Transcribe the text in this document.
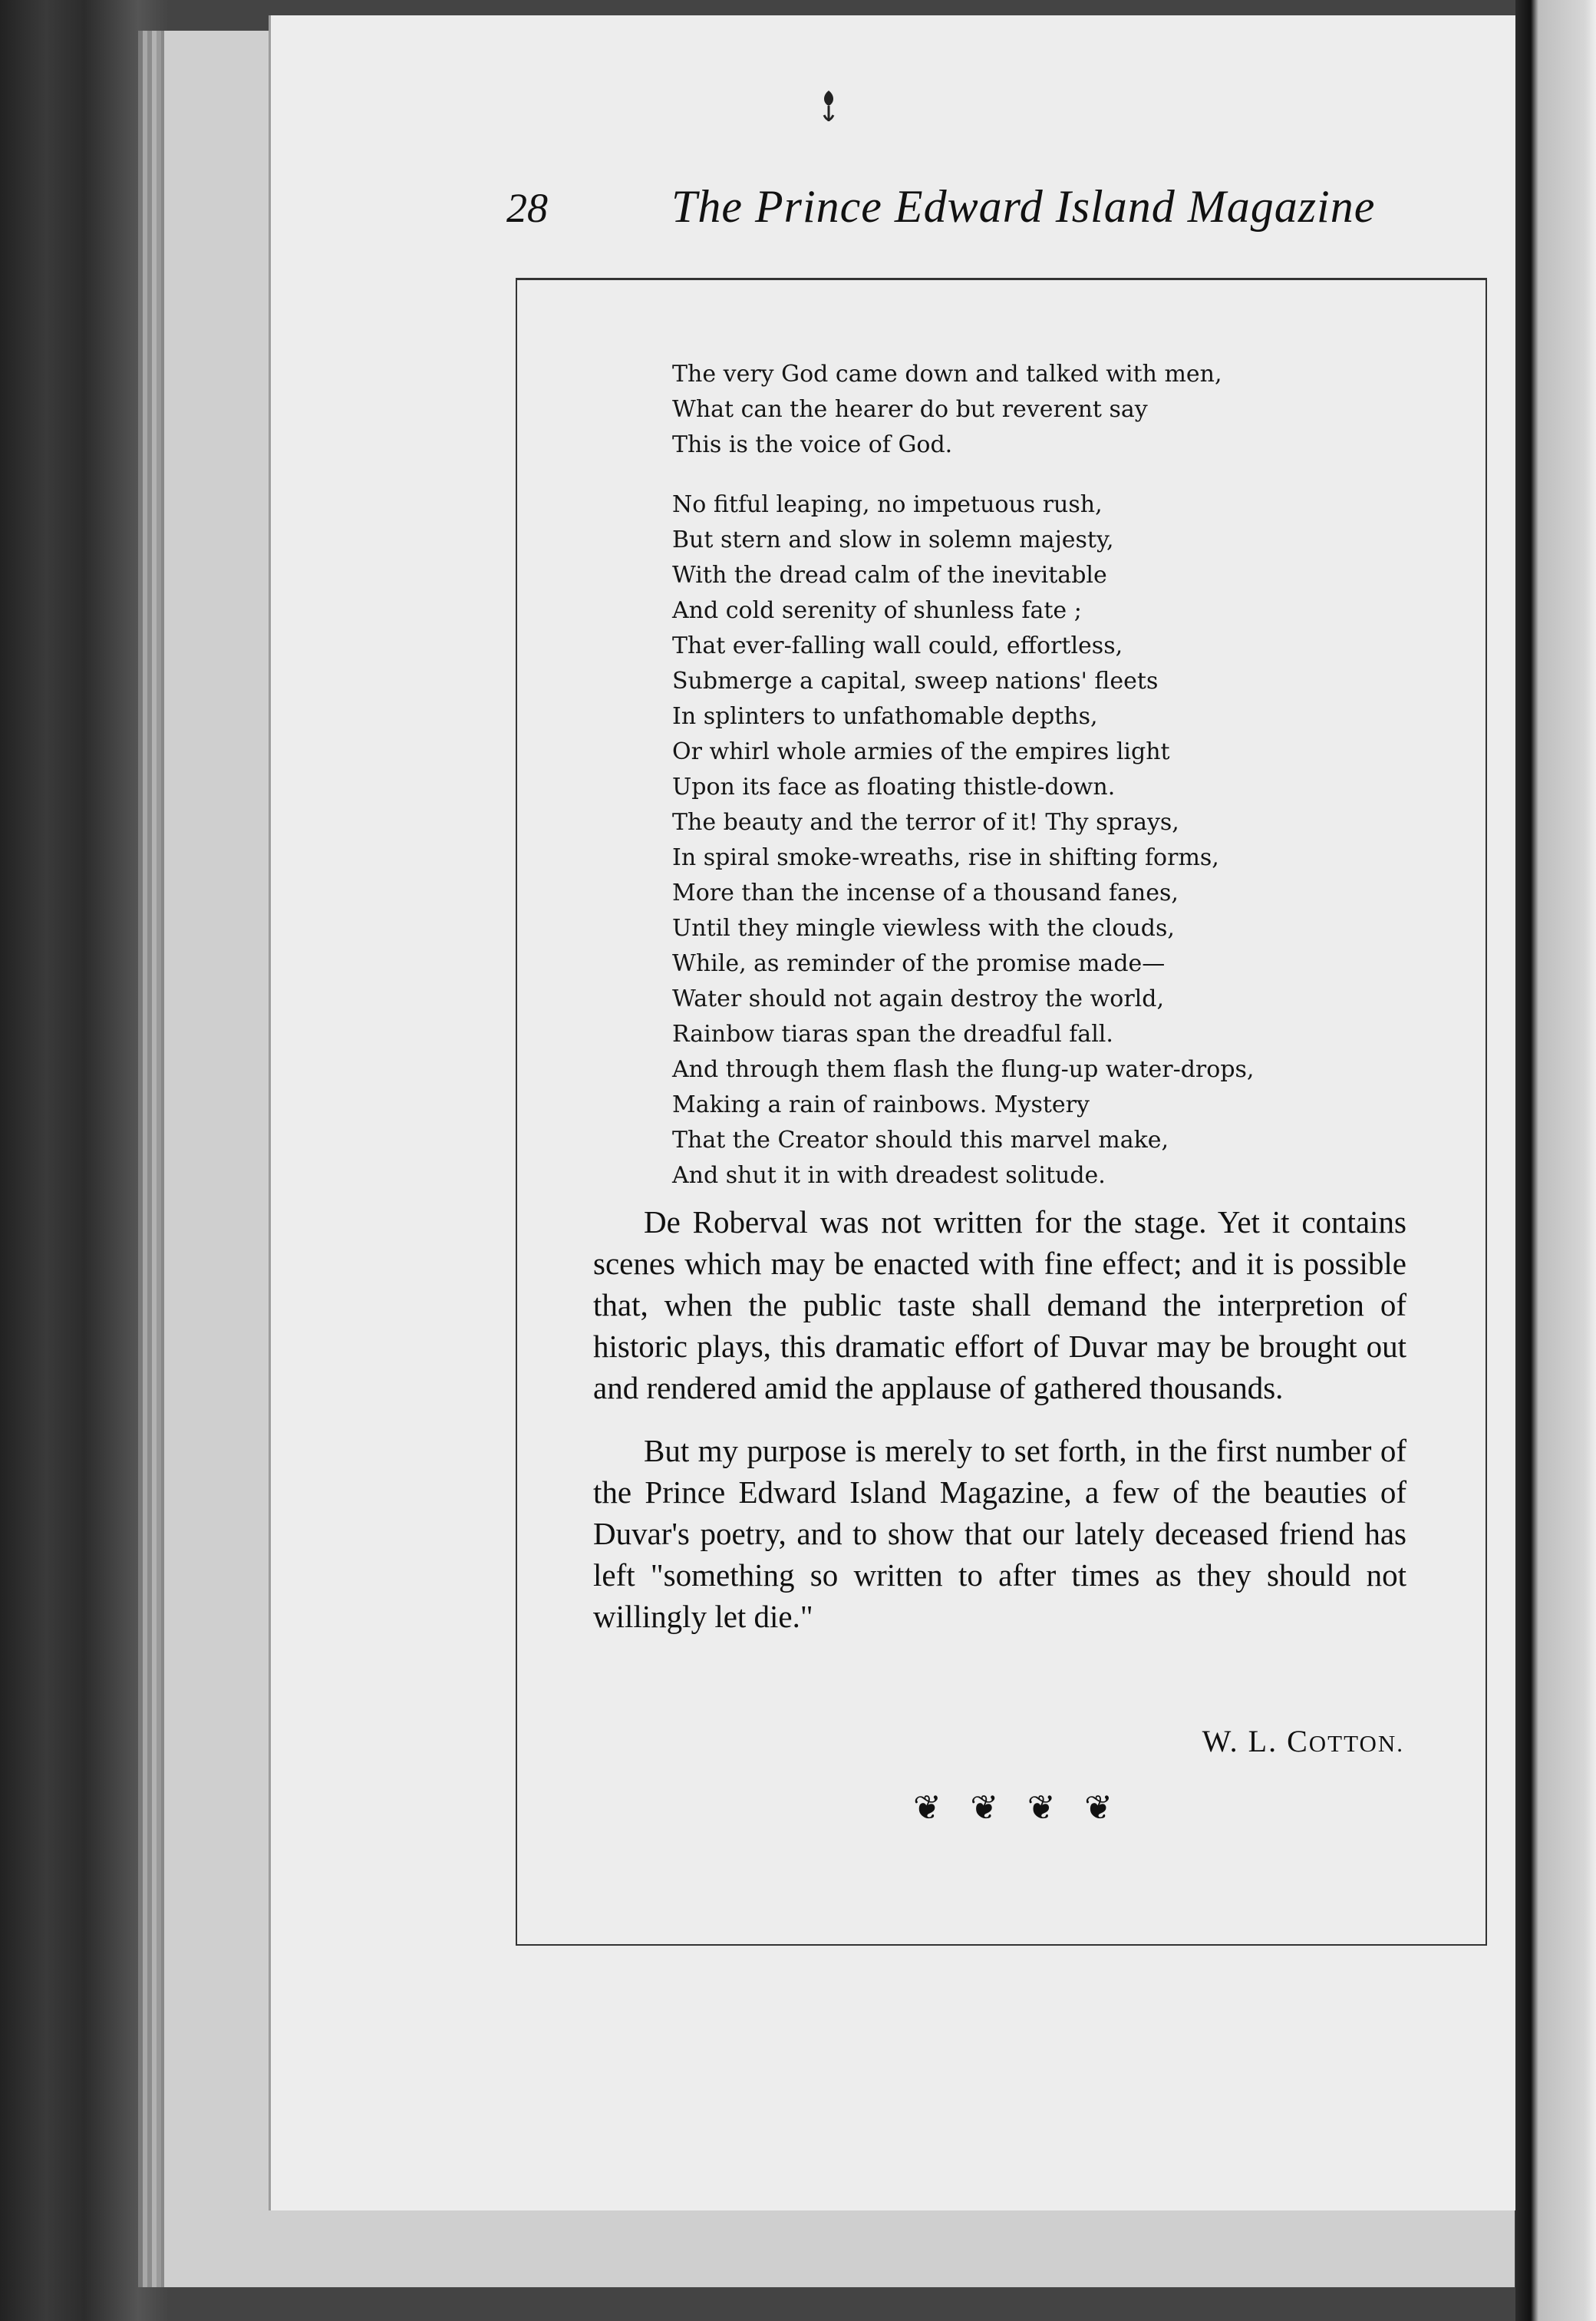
28	The Prince Edward Island Magazine
The very God came down and talked with men,
What can the hearer do but reverent say
This is the voice of God.
No fitful leaping, no impetuous rush,
But stern and slow in solemn majesty,
With the dread calm of the inevitable
And cold serenity of shunless fate ;
That ever-falling wall could, effortless,
Submerge a capital, sweep nations' fleets
In splinters to unfathomable depths,
Or whirl whole armies of the empires light
Upon its face as floating thistle-down.
The beauty and the terror of it! Thy sprays,
In spiral smoke-wreaths, rise in shifting forms,
More than the incense of a thousand fanes,
Until they mingle viewless with the clouds,
While, as reminder of the promise made—
Water should not again destroy the world,
Rainbow tiaras span the dreadful fall.
And through them flash the flung-up water-drops,
Making a rain of rainbows. Mystery
That the Creator should this marvel make,
And shut it in with dreadest solitude.

De Roberval was not written for the stage. Yet it contains scenes which may be enacted with fine effect; and it is possible that, when the public taste shall demand the interpretion of historic plays, this dramatic effort of Duvar may be brought out and rendered amid the applause of gathered thousands.

But my purpose is merely to set forth, in the first number of the Prince Edward Island Magazine, a few of the beauties of Duvar's poetry, and to show that our lately deceased friend has left "something so written to after times as they should not willingly let die."

W. L. COTTON.
❦ ❦ ❦ ❦
